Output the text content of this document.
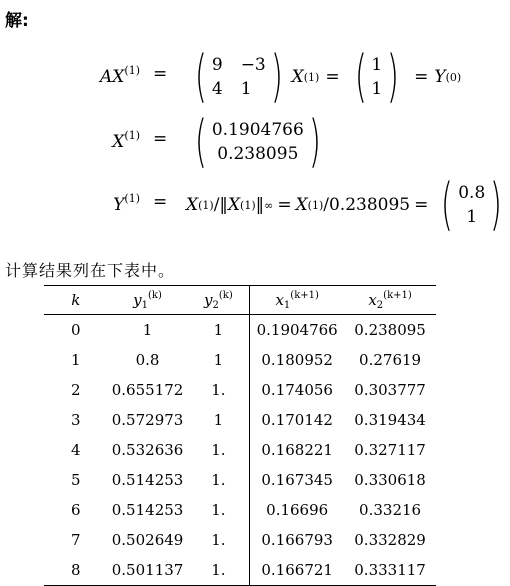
解:
$AX^{(1)}$ = ( 9 −3
4 1 ) X (1) = ( 1
1 ) = Y (0)
$X^{(1)}$ = ( 0.1904766
0.238095 )
$Y^{(1)} = X$ (1) /‖ X (1) ‖ ∞ = X (1) /0.238095 = ( 0.8
1 )
计算结果列在下表中。
k	$y_1^{(k)}$	$y_2^{(k)}$	$x_1^{(k+1)}$	$x_2^{(k+1)}$
0	1	1	0.1904766	0.238095
1	0.8	1	0.180952	0.27619
2	0.655172	1.	0.174056	0.303777
3	0.572973	1	0.170142	0.319434
4	0.532636	1.	0.168221	0.327117
5	0.514253	1.	0.167345	0.330618
6	0.514253	1.	0.16696	0.33216
7	0.502649	1.	0.166793	0.332829
8	0.501137	1.	0.166721	0.333117
